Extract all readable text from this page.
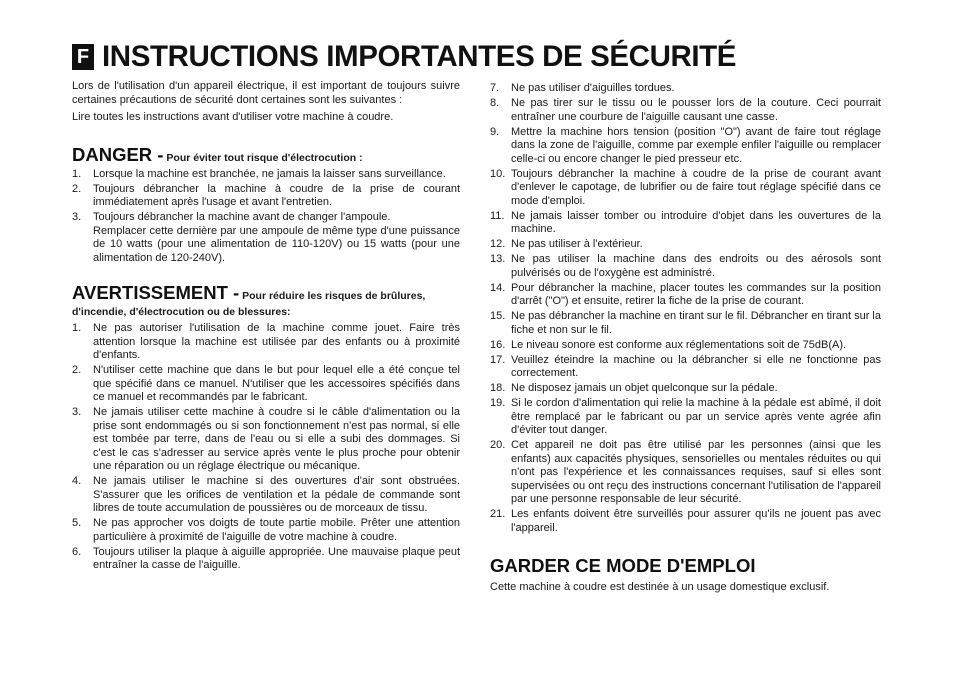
F INSTRUCTIONS IMPORTANTES DE SÉCURITÉ

Lors de l'utilisation d'un appareil électrique, il est important de toujours suivre certaines précautions de sécurité dont certaines sont les suivantes :

Lire toutes les instructions avant d'utiliser votre machine à coudre.

DANGER - Pour éviter tout risque d'électrocution :
1. Lorsque la machine est branchée, ne jamais la laisser sans surveillance.
2. Toujours débrancher la machine à coudre de la prise de courant immédiatement après l'usage et avant l'entretien.
3. Toujours débrancher la machine avant de changer l'ampoule.

Remplacer cette dernière par une ampoule de même type d'une puissance de 10 watts (pour une alimentation de 110-120V) ou 15 watts (pour une alimentation de 120-240V).

AVERTISSEMENT - Pour réduire les risques de brûlures, d'incendie, d'électrocution ou de blessures:
1. Ne pas autoriser l'utilisation de la machine comme jouet. Faire très attention lorsque la machine est utilisée par des enfants ou à proximité d'enfants.
2. N'utiliser cette machine que dans le but pour lequel elle a été conçue tel que spécifié dans ce manuel. N'utiliser que les accessoires spécifiés dans ce manuel et recommandés par le fabricant.
3. Ne jamais utiliser cette machine à coudre si le câble d'alimentation ou la prise sont endommagés ou si son fonctionnement n'est pas normal, si elle est tombée par terre, dans de l'eau ou si elle a subi des dommages. Si c'est le cas s'adresser au service après vente le plus proche pour obtenir une réparation ou un réglage électrique ou mécanique.
4. Ne jamais utiliser le machine si des ouvertures d'air sont obstruées. S'assurer que les orifices de ventilation et la pédale de commande sont libres de toute accumulation de poussières ou de morceaux de tissu.
5. Ne pas approcher vos doigts de toute partie mobile. Prêter une attention particulière à proximité de l'aiguille de votre machine à coudre.
6. Toujours utiliser la plaque à aiguille appropriée. Une mauvaise plaque peut entraîner la casse de l'aiguille.
7. Ne pas utiliser d'aiguilles tordues.
8. Ne pas tirer sur le tissu ou le pousser lors de la couture. Ceci pourrait entraîner une courbure de l'aiguille causant une casse.
9. Mettre la machine hors tension (position "O") avant de faire tout réglage dans la zone de l'aiguille, comme par exemple enfiler l'aiguille ou remplacer celle-ci ou encore changer le pied presseur etc.
10. Toujours débrancher la machine à coudre de la prise de courant avant d'enlever le capotage, de lubrifier ou de faire tout réglage spécifié dans ce mode d'emploi.
11. Ne jamais laisser tomber ou introduire d'objet dans les ouvertures de la machine.
12. Ne pas utiliser à l'extérieur.
13. Ne pas utiliser la machine dans des endroits ou des aérosols sont pulvérisés ou de l'oxygène est administré.
14. Pour débrancher la machine, placer toutes les commandes sur la position d'arrêt ("O") et ensuite, retirer la fiche de la prise de courant.
15. Ne pas débrancher la machine en tirant sur le fil. Débrancher en tirant sur la fiche et non sur le fil.
16. Le niveau sonore est conforme aux réglementations soit de 75dB(A).
17. Veuillez éteindre la machine ou la débrancher si elle ne fonctionne pas correctement.
18. Ne disposez jamais un objet quelconque sur la pédale.
19. Si le cordon d'alimentation qui relie la machine à la pédale est abîmé, il doit être remplacé par le fabricant ou par un service après vente agrée afin d'éviter tout danger.
20. Cet appareil ne doit pas être utilisé par les personnes (ainsi que les enfants) aux capacités physiques, sensorielles ou mentales réduites ou qui n'ont pas l'expérience et les connaissances requises, sauf si elles sont supervisées ou ont reçu des instructions concernant l'utilisation de l'appareil par une personne responsable de leur sécurité.
21. Les enfants doivent être surveillés pour assurer qu'ils ne jouent pas avec l'appareil.
GARDER CE MODE D'EMPLOI

Cette machine à coudre est destinée à un usage domestique exclusif.
